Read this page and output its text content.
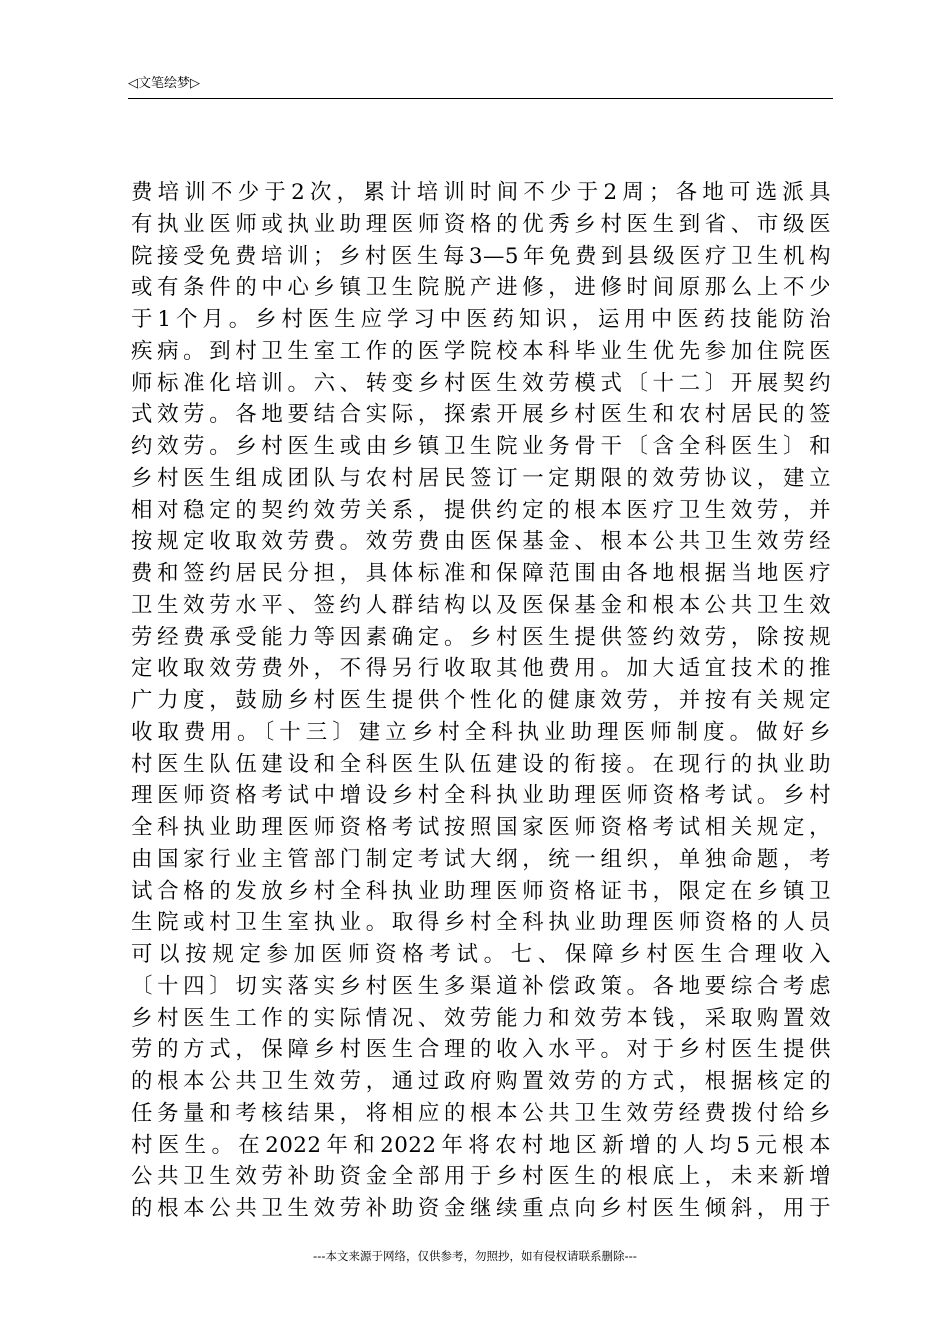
◁文笔绘梦▷
费培训不少于2次，累计培训时间不少于2周；各地可选派具
有执业医师或执业助理医师资格的优秀乡村医生到省、市级医
院接受免费培训；乡村医生每3—5年免费到县级医疗卫生机构
或有条件的中心乡镇卫生院脱产进修，进修时间原那么上不少
于1个月。乡村医生应学习中医药知识，运用中医药技能防治
疾病。到村卫生室工作的医学院校本科毕业生优先参加住院医
师标准化培训。六、转变乡村医生效劳模式〔十二〕开展契约
式效劳。各地要结合实际，探索开展乡村医生和农村居民的签
约效劳。乡村医生或由乡镇卫生院业务骨干〔含全科医生〕和
乡村医生组成团队与农村居民签订一定期限的效劳协议，建立
相对稳定的契约效劳关系，提供约定的根本医疗卫生效劳，并
按规定收取效劳费。效劳费由医保基金、根本公共卫生效劳经
费和签约居民分担，具体标准和保障范围由各地根据当地医疗
卫生效劳水平、签约人群结构以及医保基金和根本公共卫生效
劳经费承受能力等因素确定。乡村医生提供签约效劳，除按规
定收取效劳费外，不得另行收取其他费用。加大适宜技术的推
广力度，鼓励乡村医生提供个性化的健康效劳，并按有关规定
收取费用。〔十三〕建立乡村全科执业助理医师制度。做好乡
村医生队伍建设和全科医生队伍建设的衔接。在现行的执业助
理医师资格考试中增设乡村全科执业助理医师资格考试。乡村
全科执业助理医师资格考试按照国家医师资格考试相关规定，
由国家行业主管部门制定考试大纲，统一组织，单独命题，考
试合格的发放乡村全科执业助理医师资格证书，限定在乡镇卫
生院或村卫生室执业。取得乡村全科执业助理医师资格的人员
可以按规定参加医师资格考试。七、保障乡村医生合理收入
〔十四〕切实落实乡村医生多渠道补偿政策。各地要综合考虑
乡村医生工作的实际情况、效劳能力和效劳本钱，采取购置效
劳的方式，保障乡村医生合理的收入水平。对于乡村医生提供
的根本公共卫生效劳，通过政府购置效劳的方式，根据核定的
任务量和考核结果，将相应的根本公共卫生效劳经费拨付给乡
村医生。在2022年和2022年将农村地区新增的人均5元根本
公共卫生效劳补助资金全部用于乡村医生的根底上，未来新增
的根本公共卫生效劳补助资金继续重点向乡村医生倾斜，用于
---本文来源于网络，仅供参考，勿照抄，如有侵权请联系删除---
